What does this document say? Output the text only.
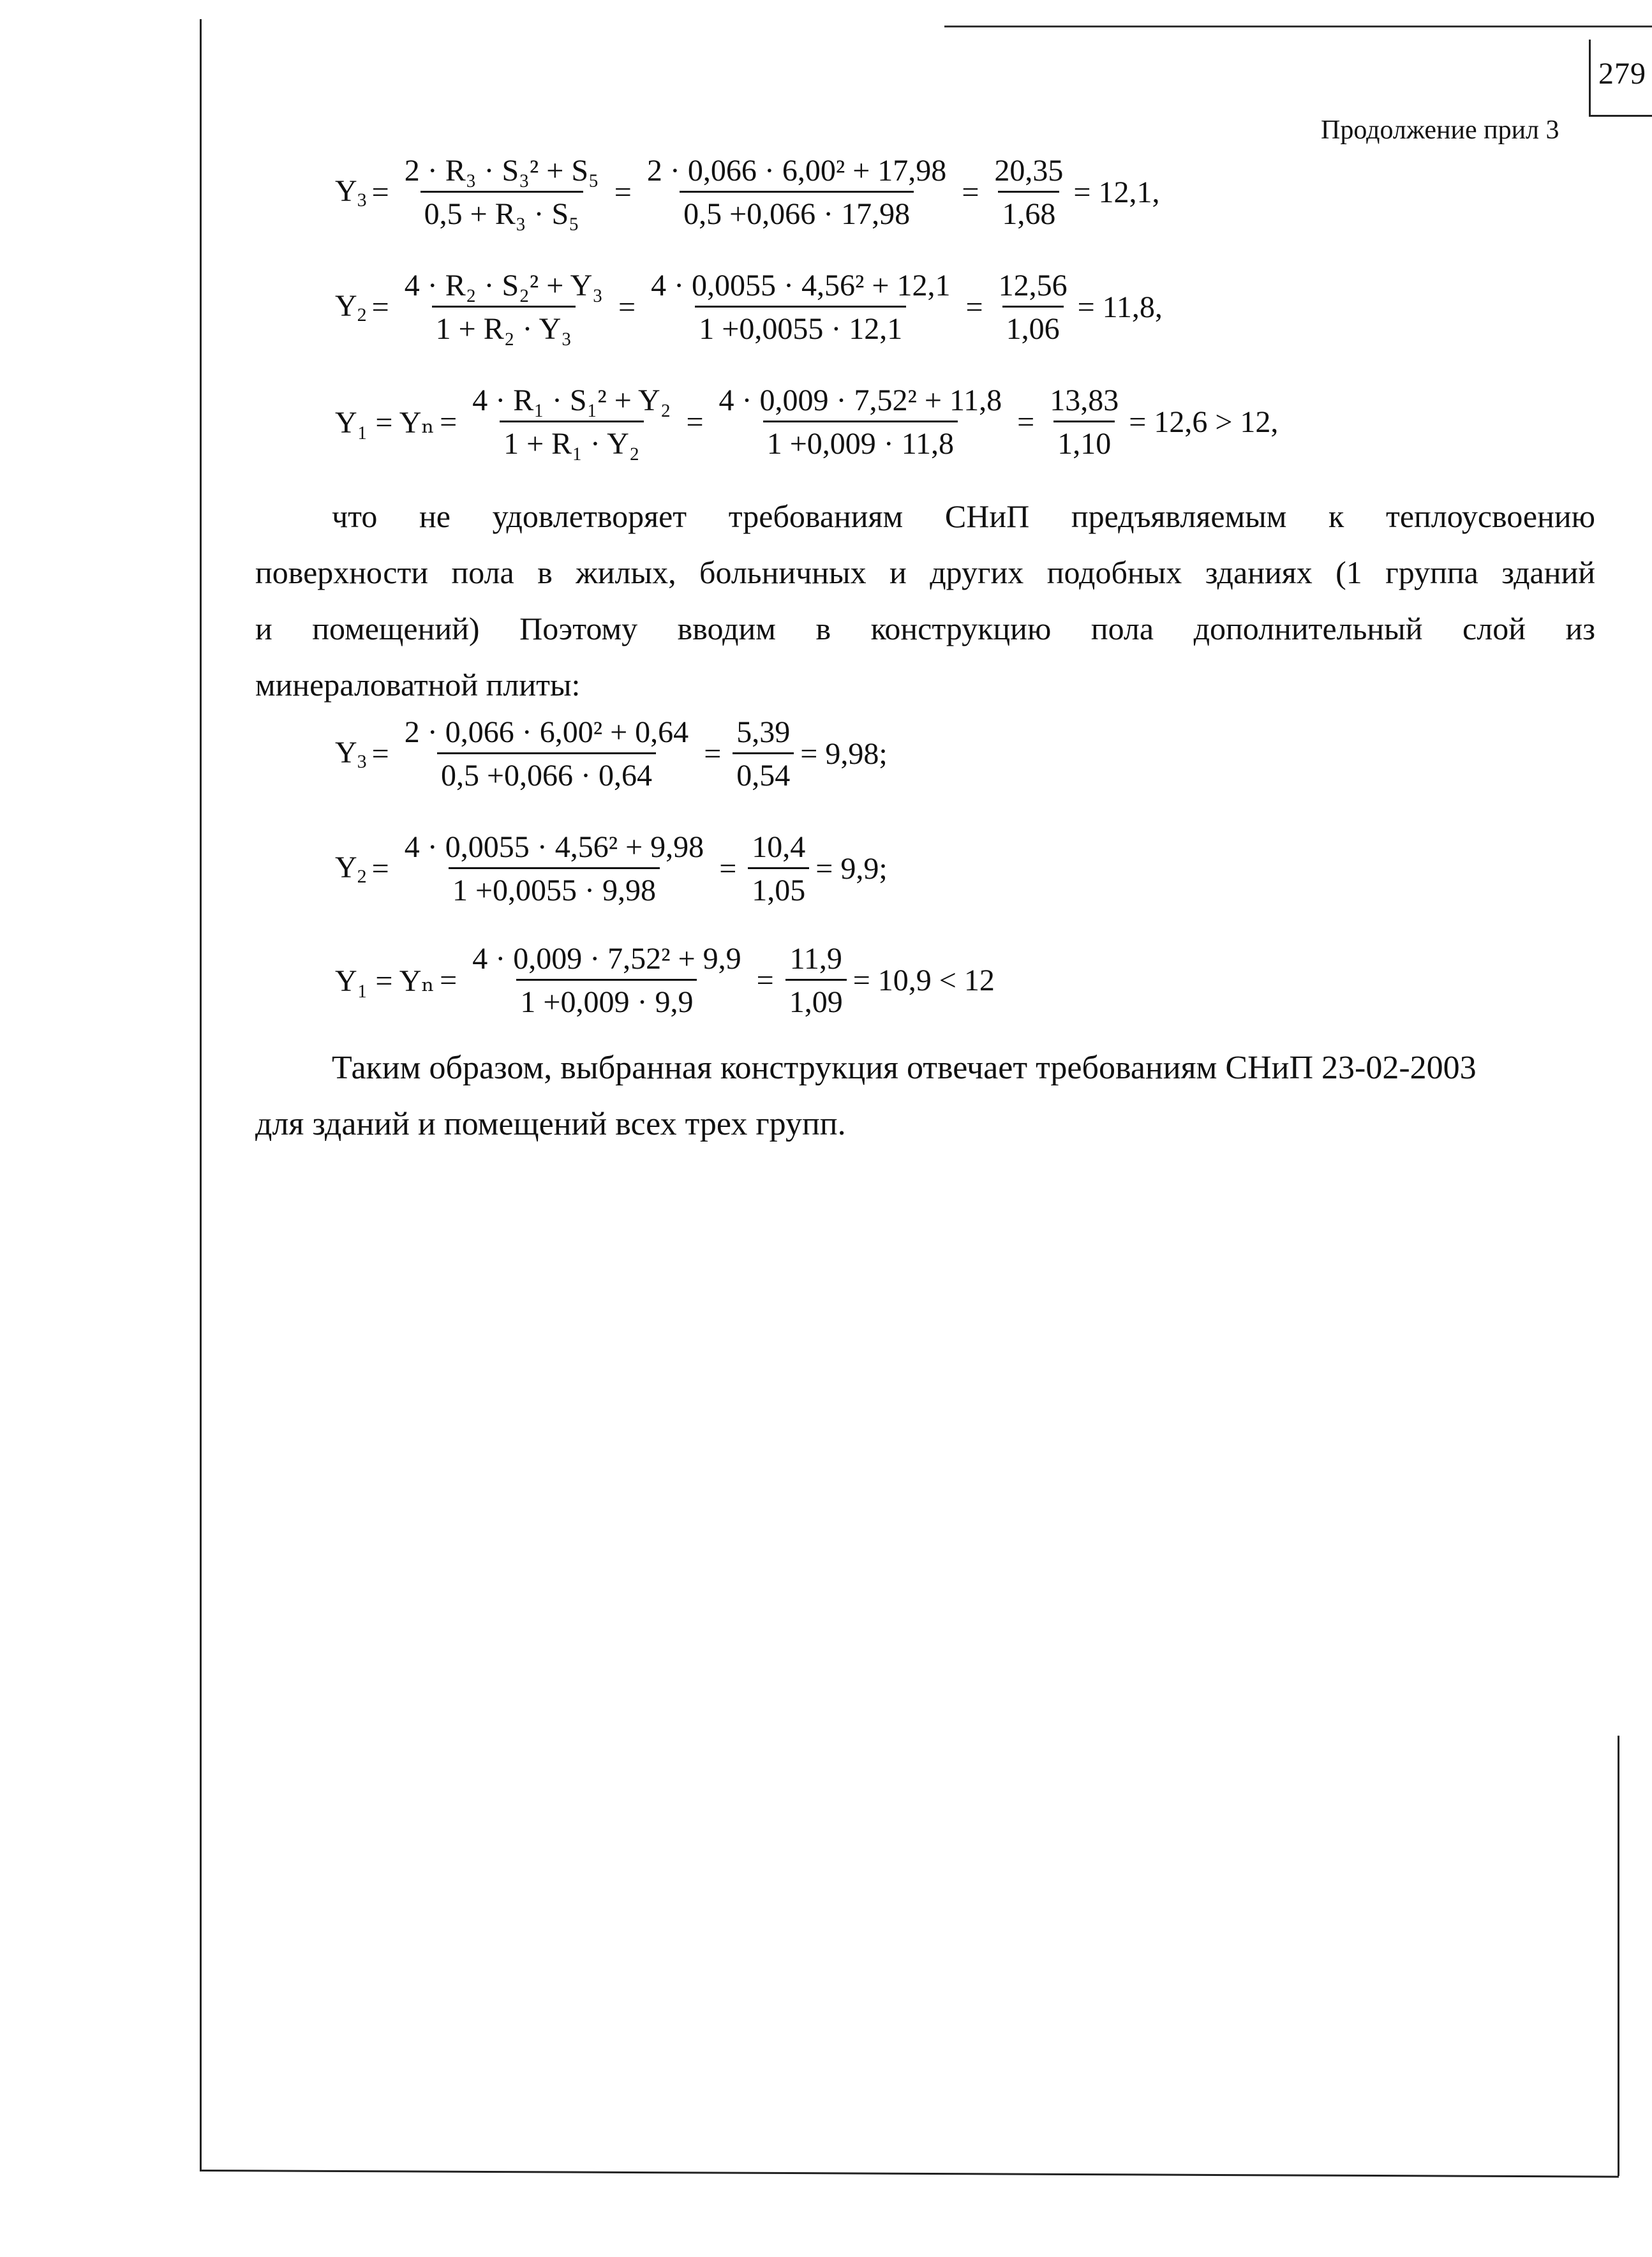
279
Продолжение прил 3
$Y_3 = \frac{\text{2 · R₃ · S₃² + S₅}}{\text{0,5 + R₃ · S₅}} = \frac{\text{2 · 0,066 · 6,00² + 17,98}}{0,5 +0,066 \cdot 17,98} = \frac{20,35}{1,68} = 12,1$,
$Y_2 = \frac{\text{4 · R₂ · S₂² + Y₃}}{\text{1 + R₂ · Y₃}} = \frac{\text{4 · 0,0055 · 4,56² + 12,1}}{1 +0,0055 \cdot 12,1} = \frac{12,56}{1,06} = 11,8$,
$Y_1 = Y_n = \frac{\text{4 · R₁ · S₁² + Y₂}}{\text{1 + R₁ · Y₂}} = \frac{\text{4 · 0,009 · 7,52² + 11,8}}{1 +0,009 \cdot 11,8} = \frac{13,83}{1,10} = 12,6 > 12$,
что не удовлетворяет требованиям СНиП предъявляемым к теплоусвоению
поверхности пола в жилых, больничных и других подобных зданиях (1 группа зданий
и помещений) Поэтому вводим в конструкцию пола дополнительный слой из
минераловатной плиты:
$Y_3 = \frac{\text{2 · 0,066 · 6,00² + 0,64}}{0,5 +0,066 \cdot 0,64} = \frac{5,39}{0,54} = 9,98$;
$Y_2 = \frac{\text{4 · 0,0055 · 4,56² + 9,98}}{1 +0,0055 \cdot 9,98} = \frac{10,4}{1,05} = 9,9$;
$Y_1 = Y_n = \frac{\text{4 · 0,009 · 7,52² + 9,9}}{1 +0,009 \cdot 9,9} = \frac{11,9}{1,09} = 10,9 < 12$
Таким образом, выбранная конструкция отвечает требованиям СНиП 23-02-2003
для зданий и помещений всех трех групп.
